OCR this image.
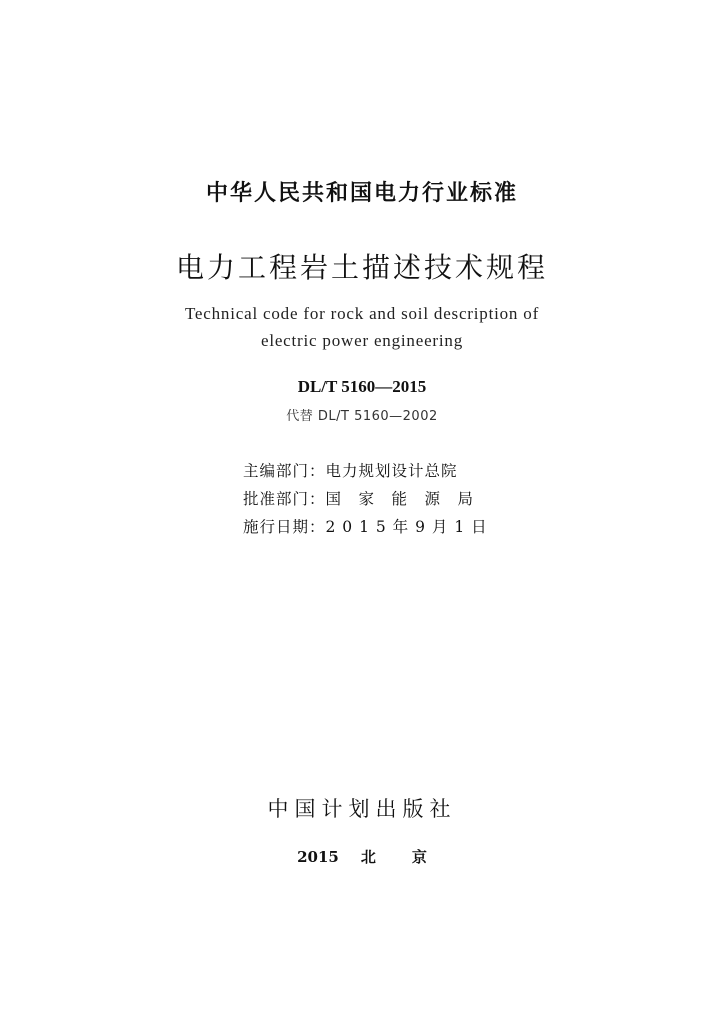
中华人民共和国电力行业标准
电力工程岩土描述技术规程
Technical code for rock and soil description of
electric power engineering
DL/T 5160—2015
代替 DL/T 5160—2002
主编部门：电力规划设计总院
批准部门：国　家　能　源　局
施行日期：2 0 1 5 年 9 月 1 日
中国计划出版社
2015 北 京
